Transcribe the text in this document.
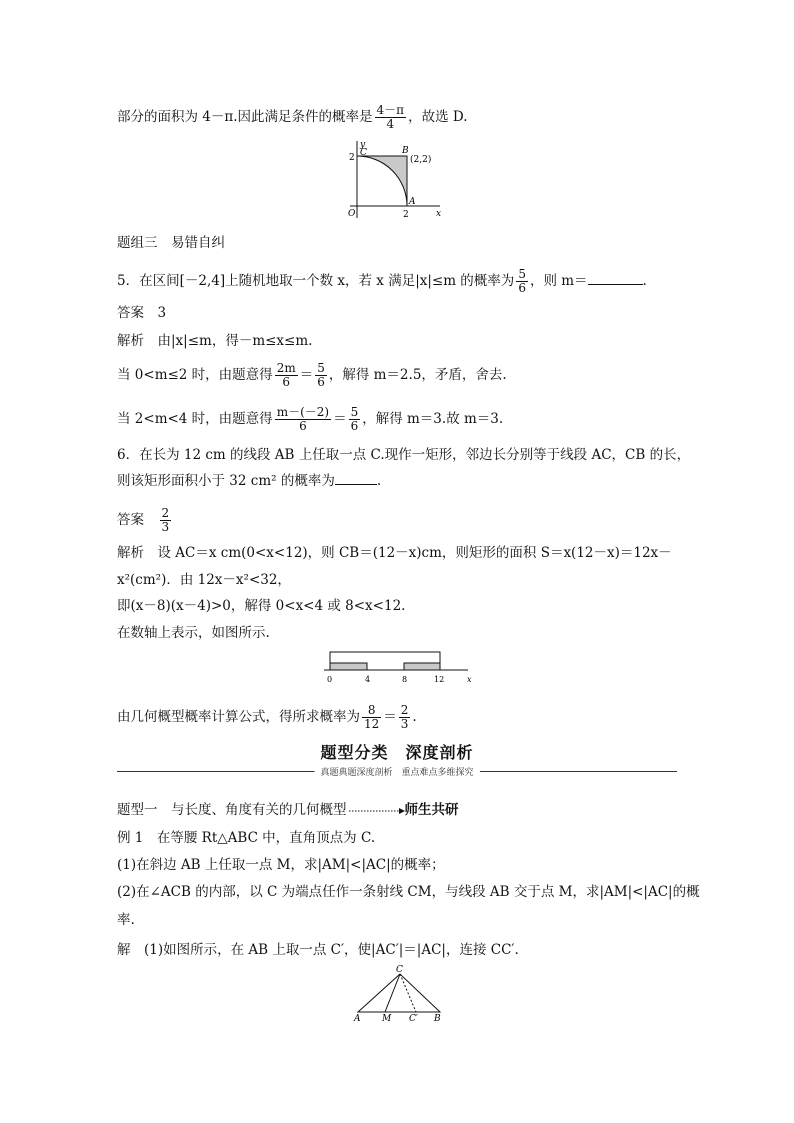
部分的面积为 4－π.因此满足条件的概率是 $\frac{4-\pi}{4}$ ，故选 D.
y
C
2
B
(2,2)
A
O	2	x
题组三　易错自纠
5．在区间[－2,4]上随机地取一个数 x，若 x 满足|x|≤m 的概率为 $\frac{5}{6}$ ，则 m＝	.
答案　 3
解析　由|x|≤m，得－m≤x≤m.
当 0<m≤2 时，由题意得 $\frac{2m}{6} = \frac{5}{6}$ ，解得 m＝2.5，矛盾，舍去.
当 2<m<4 时，由题意得 $\frac{m-(-2)}{6} = \frac{5}{6}$ ，解得 m＝3.故 m＝3.
6．在长为 12 cm 的线段 AB 上任取一点 C.现作一矩形，邻边长分别等于线段 AC，CB 的长，
则该矩形面积小于 32 cm² 的概率为	.
答案　 $\frac{2}{3}$
解析　设 AC＝x cm(0<x<12)，则 CB＝(12－x)cm，则矩形的面积 S＝x(12－x)＝12x－
x²(cm²)．由 12x－x²<32，
即(x－8)(x－4)>0，解得 0<x<4 或 8<x<12.
在数轴上表示，如图所示.
0	4	8	12	x
由几何概型概率计算公式，得所求概率为 $\frac{8}{12} = \frac{2}{3}$ .
题型分类　深度剖析
真题典题深度剖析　重点难点多维探究
题型一　与长度、角度有关的几何概型	师生共研
例 1　在等腰 Rt△ABC 中，直角顶点为 C.
(1)在斜边 AB 上任取一点 M，求|AM|<|AC|的概率；
(2)在∠ACB 的内部，以 C 为端点任作一条射线 CM，与线段 AB 交于点 M，求|AM|<|AC|的概
率.
解　(1)如图所示，在 AB 上取一点 C′，使|AC′|＝|AC|，连接 CC′.
C
A M C′ B
